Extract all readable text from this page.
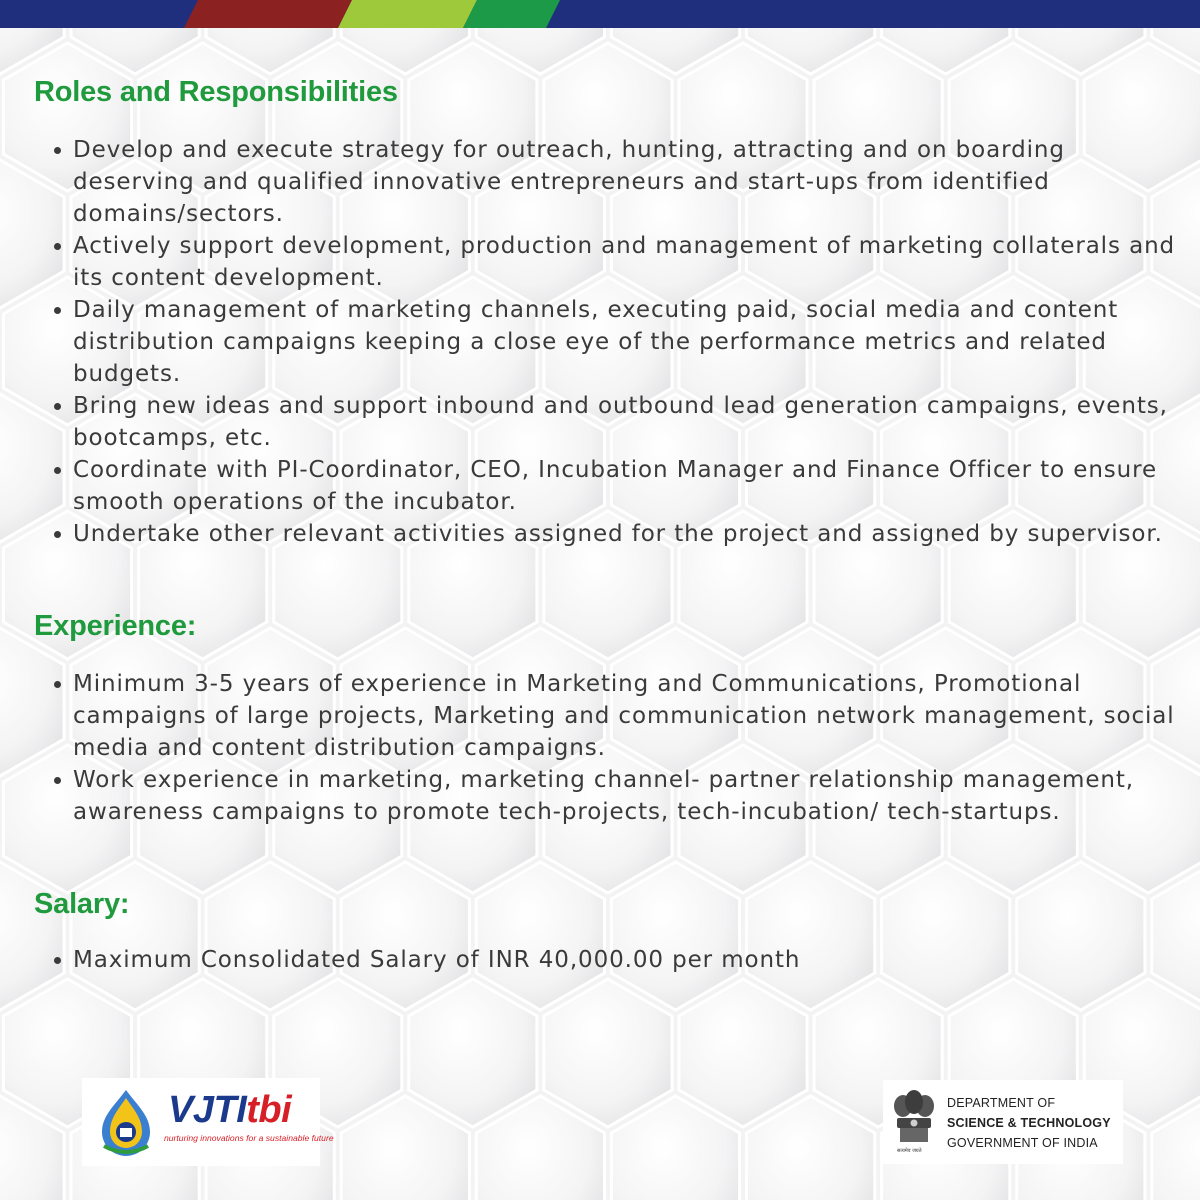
Roles and Responsibilities
Develop and execute strategy for outreach, hunting, attracting and on boarding deserving and qualified innovative entrepreneurs and start-ups from identified domains/sectors.
Actively support development, production and management of marketing collaterals and its content development.
Daily management of marketing channels, executing paid, social media and content distribution campaigns keeping a close eye of the performance metrics and related budgets.
Bring new ideas and support inbound and outbound lead generation campaigns, events, bootcamps, etc.
Coordinate with PI-Coordinator, CEO, Incubation Manager and Finance Officer to ensure smooth operations of the incubator.
Undertake other relevant activities assigned for the project and assigned by supervisor.
Experience:
Minimum 3-5 years of experience in Marketing and Communications, Promotional campaigns of large projects, Marketing and communication network management, social media and content distribution campaigns.
Work experience in marketing, marketing channel- partner relationship management, awareness campaigns to promote tech-projects, tech-incubation/ tech-startups.
Salary:
Maximum Consolidated Salary of INR 40,000.00 per month

VJTItbi

nurturing innovations for a sustainable future

सत्यमेव जयते

DEPARTMENT OF

SCIENCE & TECHNOLOGY

GOVERNMENT OF INDIA
